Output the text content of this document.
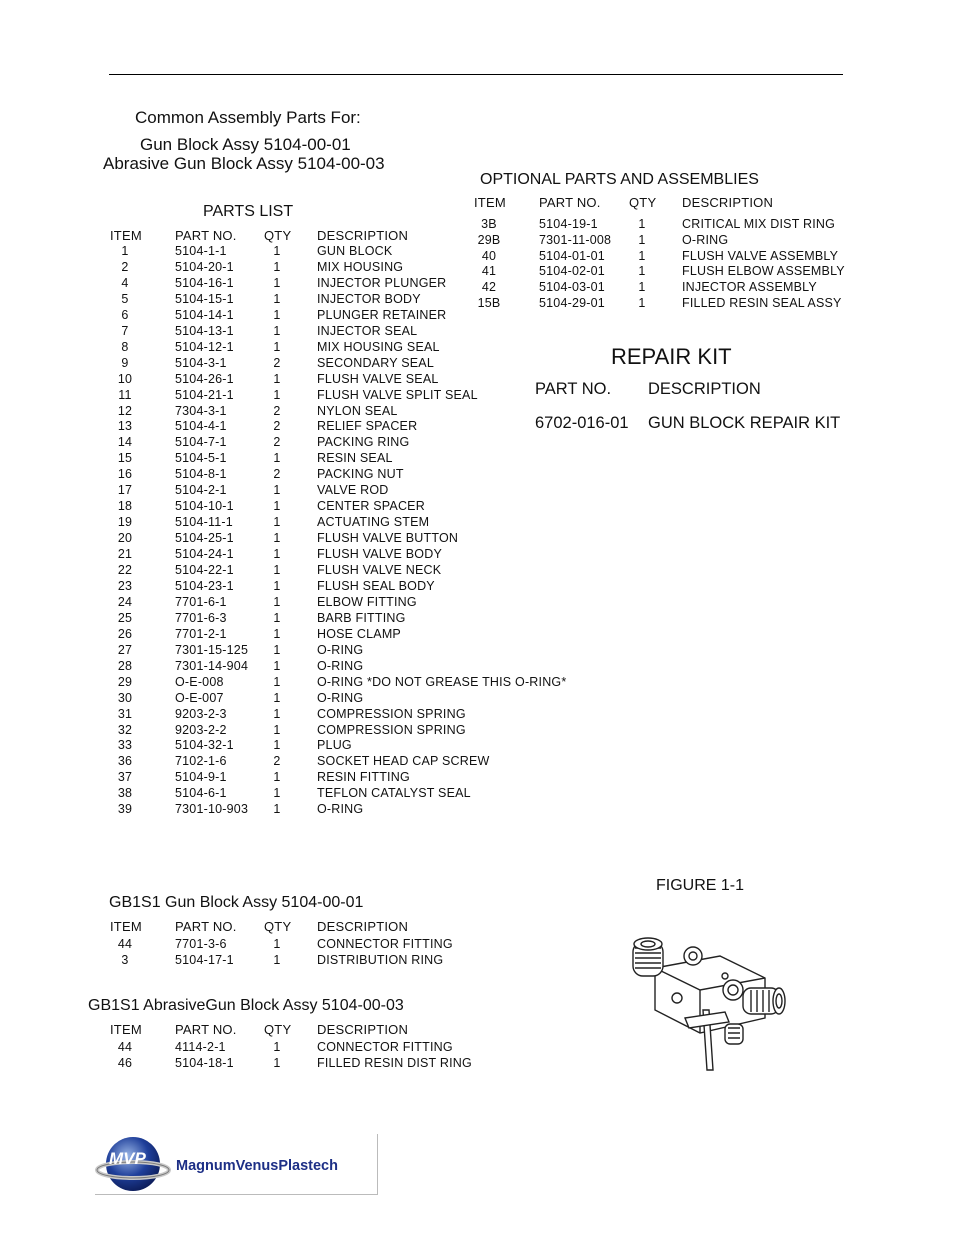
Common Assembly Parts For:
Gun Block Assy 5104-00-01
Abrasive Gun Block Assy 5104-00-03
PARTS LIST
ITEM	PART NO. QTY DESCRIPTION
1	5104-1-1	1	GUN BLOCK
2	5104-20-1	1	MIX HOUSING
4	5104-16-1	1	INJECTOR PLUNGER
5	5104-15-1	1	INJECTOR BODY
6	5104-14-1	1	PLUNGER RETAINER
7	5104-13-1	1	INJECTOR SEAL
8	5104-12-1	1	MIX HOUSING SEAL
9	5104-3-1	2	SECONDARY SEAL
10	5104-26-1	1	FLUSH VALVE SEAL
11	5104-21-1	1	FLUSH VALVE SPLIT SEAL
12	7304-3-1	2	NYLON SEAL
13	5104-4-1	2	RELIEF SPACER
14	5104-7-1	2	PACKING RING
15	5104-5-1	1	RESIN SEAL
16	5104-8-1	2	PACKING NUT
17	5104-2-1	1	VALVE ROD
18	5104-10-1	1	CENTER SPACER
19	5104-11-1	1	ACTUATING STEM
20	5104-25-1	1	FLUSH VALVE BUTTON
21	5104-24-1	1	FLUSH VALVE BODY
22	5104-22-1	1	FLUSH VALVE NECK
23	5104-23-1	1	FLUSH SEAL BODY
24	7701-6-1	1	ELBOW FITTING
25	7701-6-3	1	BARB FITTING
26	7701-2-1	1	HOSE CLAMP
27	7301-15-125	1	O-RING
28	7301-14-904	1	O-RING
29	O-E-008	1	O-RING *DO NOT GREASE THIS O-RING*
30	O-E-007	1	O-RING
31	9203-2-3	1	COMPRESSION SPRING
32	9203-2-2	1	COMPRESSION SPRING
33	5104-32-1	1	PLUG
36	7102-1-6	2	SOCKET HEAD CAP SCREW
37	5104-9-1	1	RESIN FITTING
38	5104-6-1	1	TEFLON CATALYST SEAL
39	7301-10-903	1	O-RING
OPTIONAL PARTS AND ASSEMBLIES
ITEM	PART NO. QTY DESCRIPTION
3B	5104-19-1	1	CRITICAL MIX DIST RING
29B	7301-11-008	1	O-RING
40	5104-01-01	1	FLUSH VALVE ASSEMBLY
41	5104-02-01	1	FLUSH ELBOW ASSEMBLY
42	5104-03-01	1	INJECTOR ASSEMBLY
15B	5104-29-01	1	FILLED RESIN SEAL ASSY
REPAIR KIT
PART NO. DESCRIPTION
6702-016-01 GUN BLOCK REPAIR KIT
FIGURE 1-1
GB1S1 Gun Block Assy 5104-00-01
ITEM	PART NO. QTY DESCRIPTION
44	7701-3-6	1	CONNECTOR FITTING
3	5104-17-1	1	DISTRIBUTION RING
GB1S1 AbrasiveGun Block Assy 5104-00-03
ITEM	PART NO. QTY DESCRIPTION
44	4114-2-1	1	CONNECTOR FITTING
46	5104-18-1	1	FILLED RESIN DIST RING
MVP MagnumVenusPlastech
